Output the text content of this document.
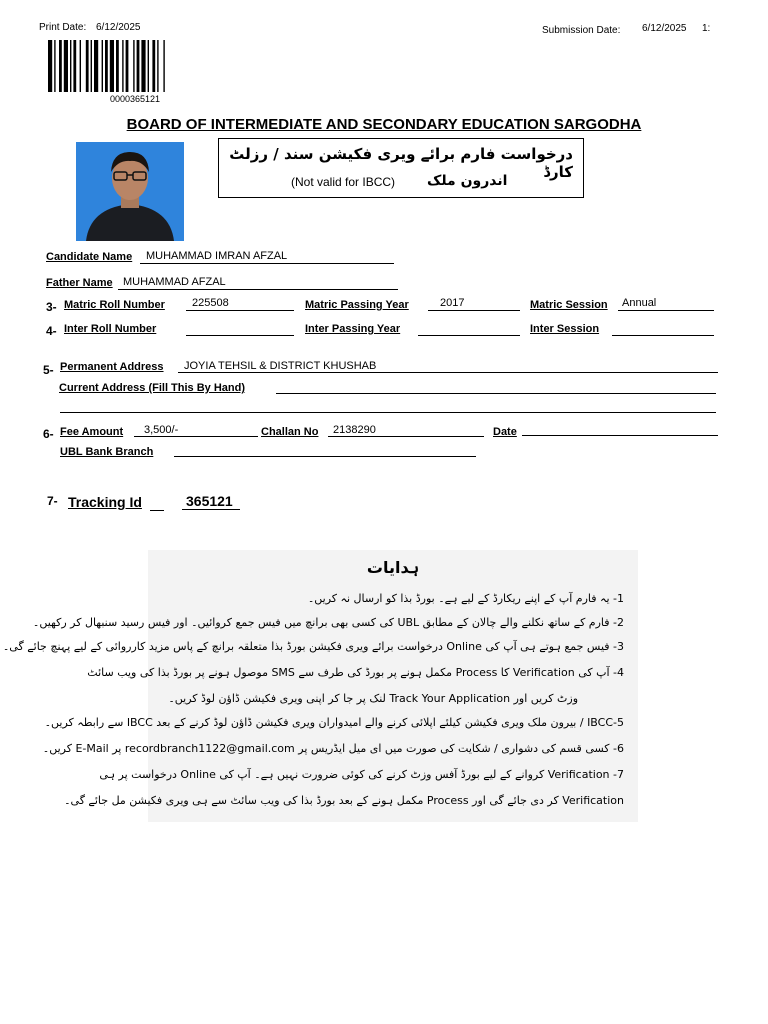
Print Date: 6/12/2025	Submission Date: 6/12/2025 1:
0000365121
BOARD OF INTERMEDIATE AND SECONDARY EDUCATION SARGODHA
درخواست فارم برائے ویری فکیشن سند / رزلٹ کارڈ
(Not valid for IBCC) اندرون ملک
Candidate Name MUHAMMAD IMRAN AFZAL
Father Name MUHAMMAD AFZAL
3- Matric Roll Number 225508	Matric Passing Year	2017	Matric Session Annual
4- Inter Roll Number	Inter Passing Year	Inter Session
5- Permanent Address JOYIA TEHSIL & DISTRICT KHUSHAB
Current Address (Fill This By Hand)
6- Fee Amount 3,500/-	Challan No 2138290	Date
UBL Bank Branch
7- Tracking Id	365121
ہدایات
1- یہ فارم آپ کے اپنے ریکارڈ کے لیے ہے۔ بورڈ بذا کو ارسال نہ کریں۔
2- فارم کے ساتھ نکلنے والے چالان کے مطابق UBL کی کسی بھی برانچ میں فیس جمع کروائیں۔ اور فیس رسید سنبھال کر رکھیں۔
3- فیس جمع ہوتے ہی آپ کی Online درخواست برائے ویری فکیشن بورڈ بذا متعلقہ برانچ کے پاس مزید کارروائی کے لیے پہنچ جائے گی۔
4- آپ کی Verification کا Process مکمل ہونے پر بورڈ کی طرف سے SMS موصول ہونے پر بورڈ بذا کی ویب سائٹ
وزٹ کریں اور Track Your Application لنک پر جا کر اپنی ویری فکیشن ڈاؤن لوڈ کریں۔
IBCC-5 / بیرون ملک ویری فکیشن کیلئے اپلائی کرنے والے امیدواران ویری فکیشن ڈاؤن لوڈ کرنے کے بعد IBCC سے رابطہ کریں۔
6- کسی قسم کی دشواری / شکایت کی صورت میں ای میل ایڈریس پر recordbranch1122@gmail.com پر E-Mail کریں۔
7- Verification کروانے کے لیے بورڈ آفس وزٹ کرنے کی کوئی ضرورت نہیں ہے۔ آپ کی Online درخواست پر ہی
Verification کر دی جائے گی اور Process مکمل ہونے کے بعد بورڈ بذا کی ویب سائٹ سے ہی ویری فکیشن مل جائے گی۔
